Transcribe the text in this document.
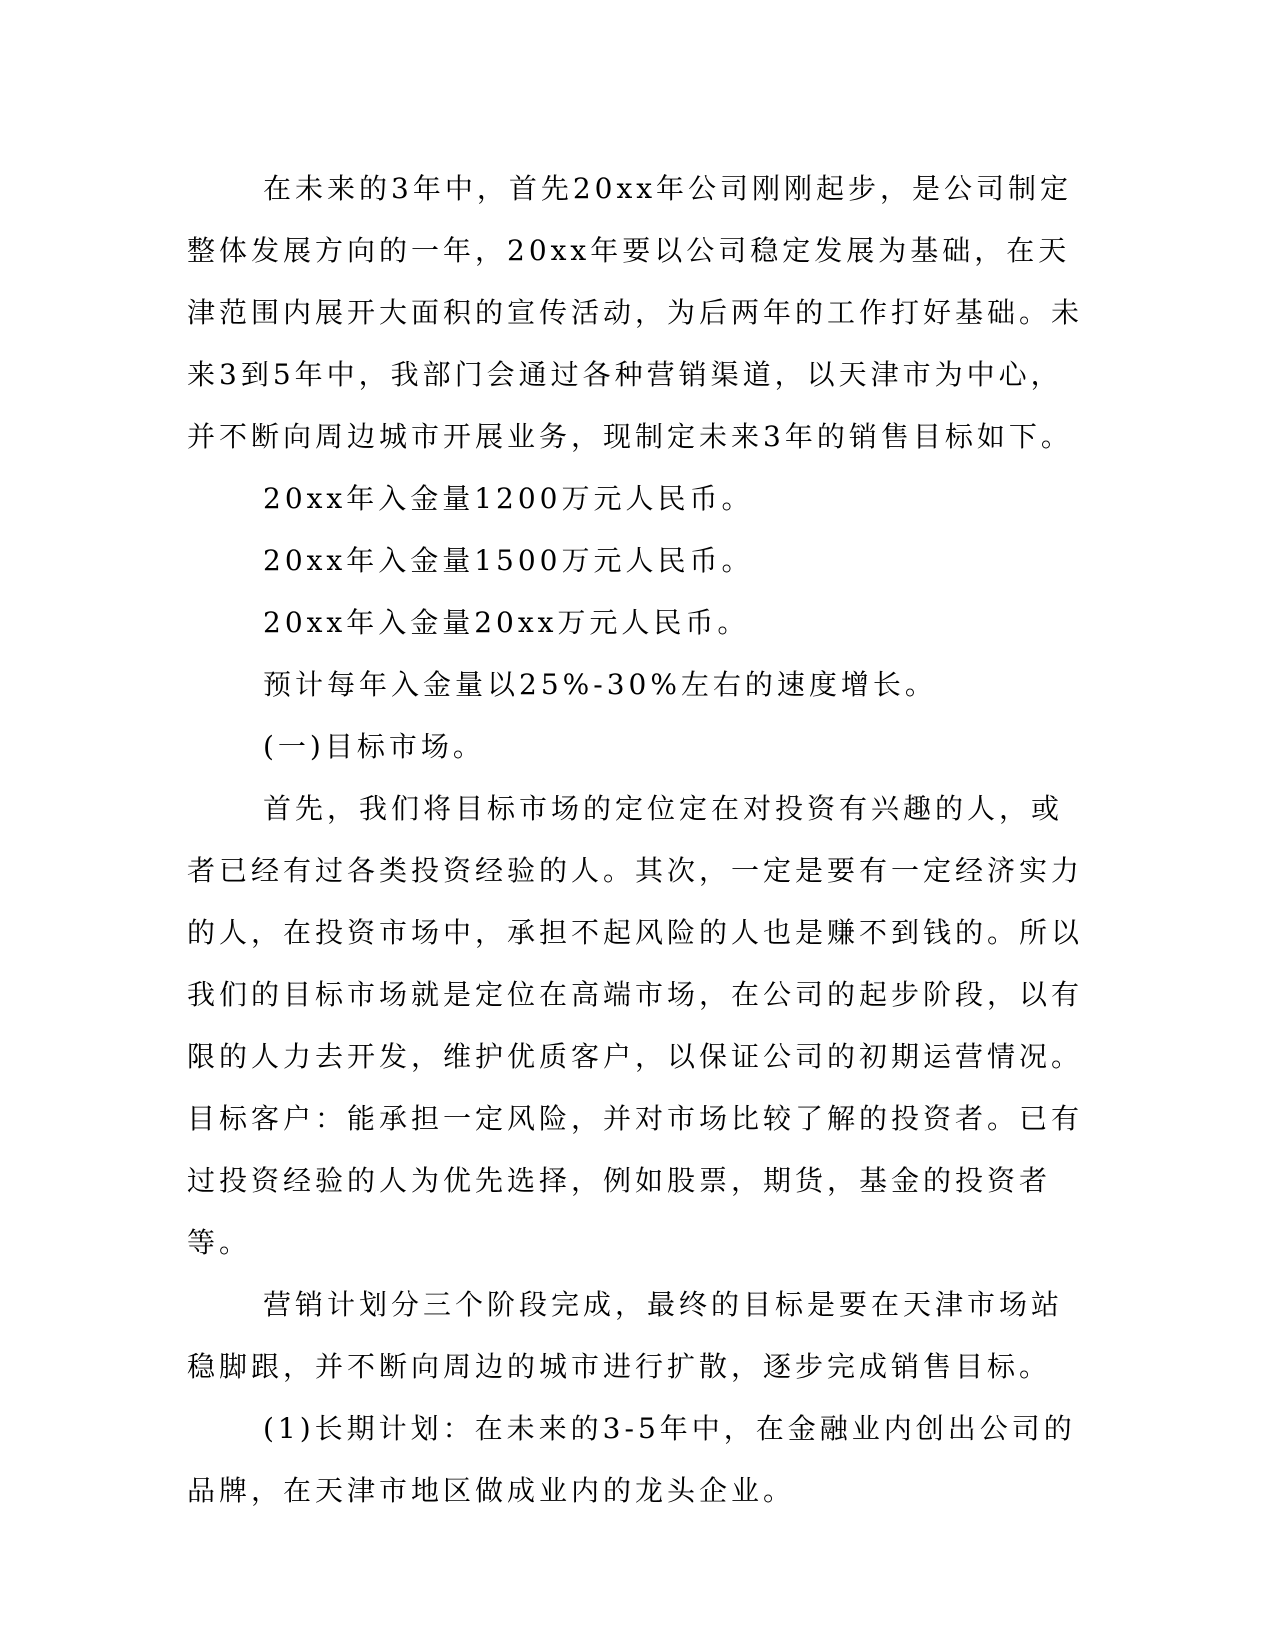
在未来的3年中，首先20xx年公司刚刚起步，是公司制定整体发展方向的一年，20xx年要以公司稳定发展为基础，在天津范围内展开大面积的宣传活动，为后两年的工作打好基础。未来3到5年中，我部门会通过各种营销渠道，以天津市为中心，并不断向周边城市开展业务，现制定未来3年的销售目标如下。

20xx年入金量1200万元人民币。

20xx年入金量1500万元人民币。

20xx年入金量20xx万元人民币。

预计每年入金量以25%-30%左右的速度增长。

(一)目标市场。

首先，我们将目标市场的定位定在对投资有兴趣的人，或者已经有过各类投资经验的人。其次，一定是要有一定经济实力的人，在投资市场中，承担不起风险的人也是赚不到钱的。所以我们的目标市场就是定位在高端市场，在公司的起步阶段，以有限的人力去开发，维护优质客户，以保证公司的初期运营情况。目标客户：能承担一定风险，并对市场比较了解的投资者。已有过投资经验的人为优先选择，例如股票，期货，基金的投资者等。

营销计划分三个阶段完成，最终的目标是要在天津市场站稳脚跟，并不断向周边的城市进行扩散，逐步完成销售目标。

(1)长期计划：在未来的3-5年中，在金融业内创出公司的品牌，在天津市地区做成业内的龙头企业。
